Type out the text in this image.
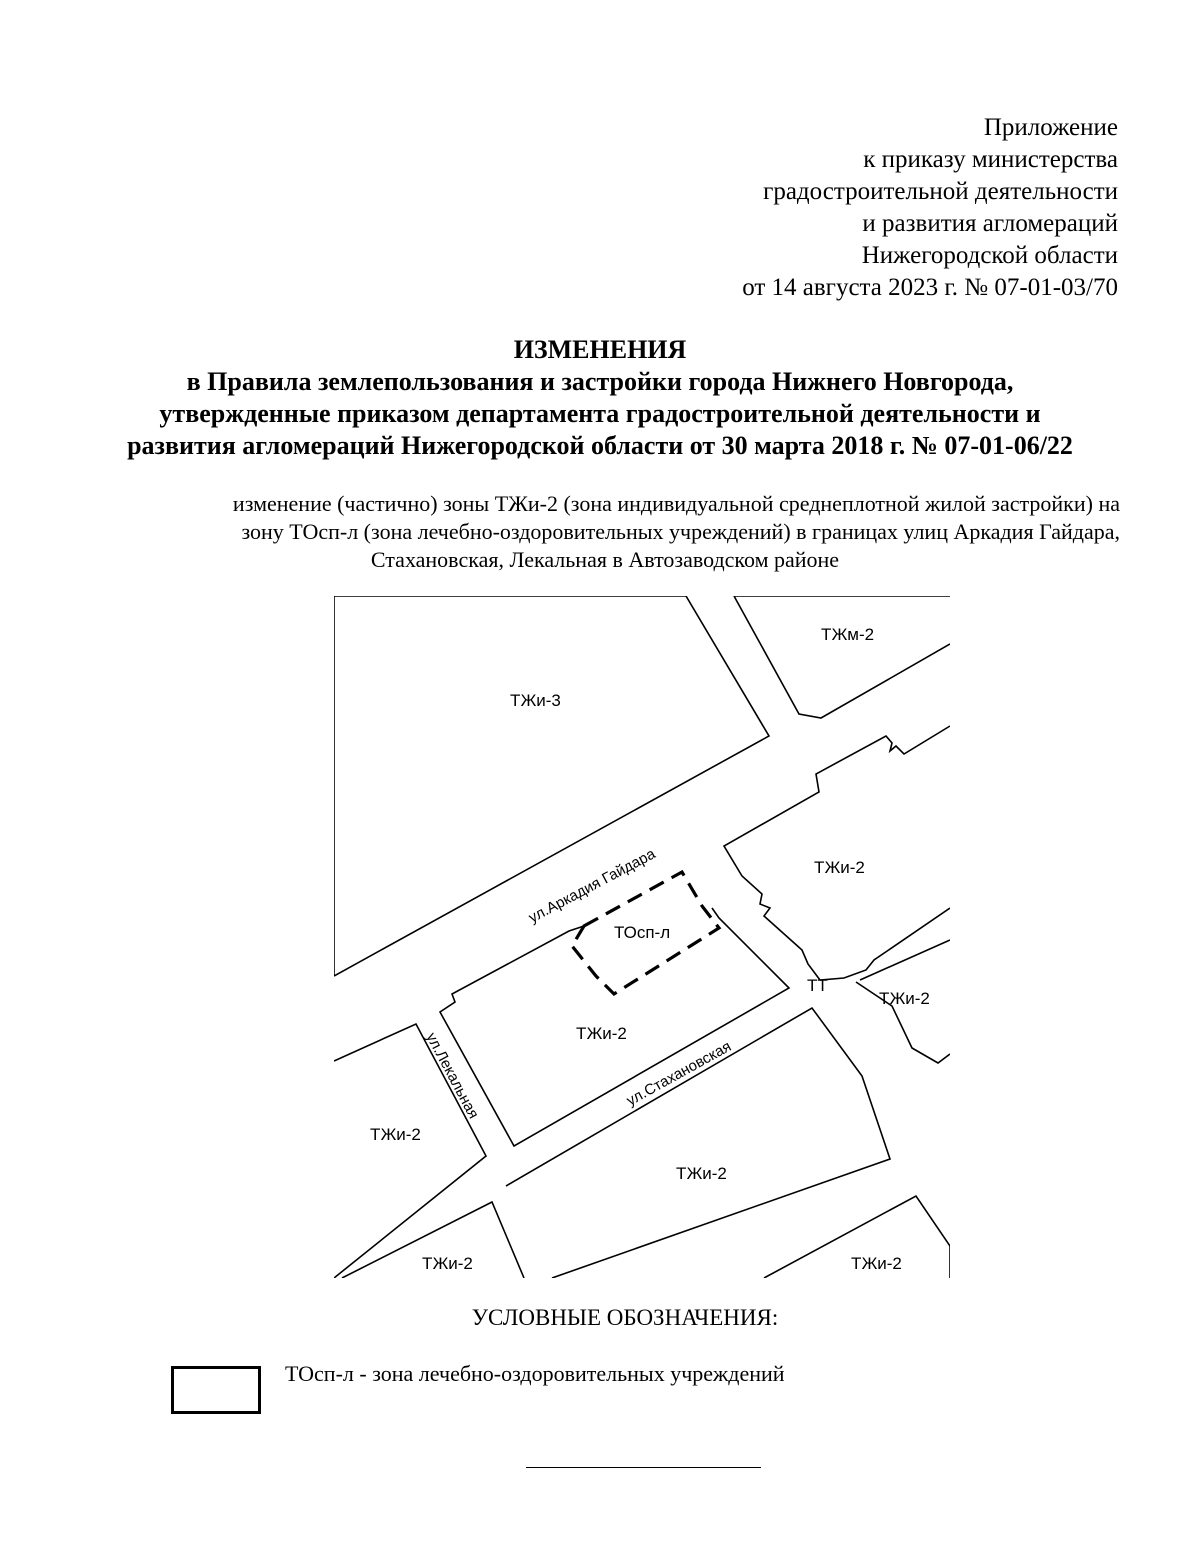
Приложение
к приказу министерства
градостроительной деятельности
и развития агломераций
Нижегородской области
от 14 августа 2023 г. № 07-01-03/70
ИЗМЕНЕНИЯ
в Правила землепользования и застройки города Нижнего Новгорода,
утвержденные приказом департамента градостроительной деятельности и
развития агломераций Нижегородской области от 30 марта 2018 г. № 07-01-06/22
изменение (частично) зоны ТЖи-2 (зона индивидуальной среднеплотной жилой застройки) на
зону ТОсп-л (зона лечебно-оздоровительных учреждений) в границах улиц Аркадия Гайдара,
Стахановская, Лекальная в Автозаводском районе
ТЖм-2
ТЖи-3
ТЖи-2
ТОсп-л
ТТ
ТЖи-2
ТЖи-2
ТЖи-2
ТЖи-2
ТЖи-2	ТЖи-2
ул.Аркадия Гайдара
ул.Стахановская
ул.Лекальная
УСЛОВНЫЕ ОБОЗНАЧЕНИЯ:
ТОсп-л - зона лечебно-оздоровительных учреждений
